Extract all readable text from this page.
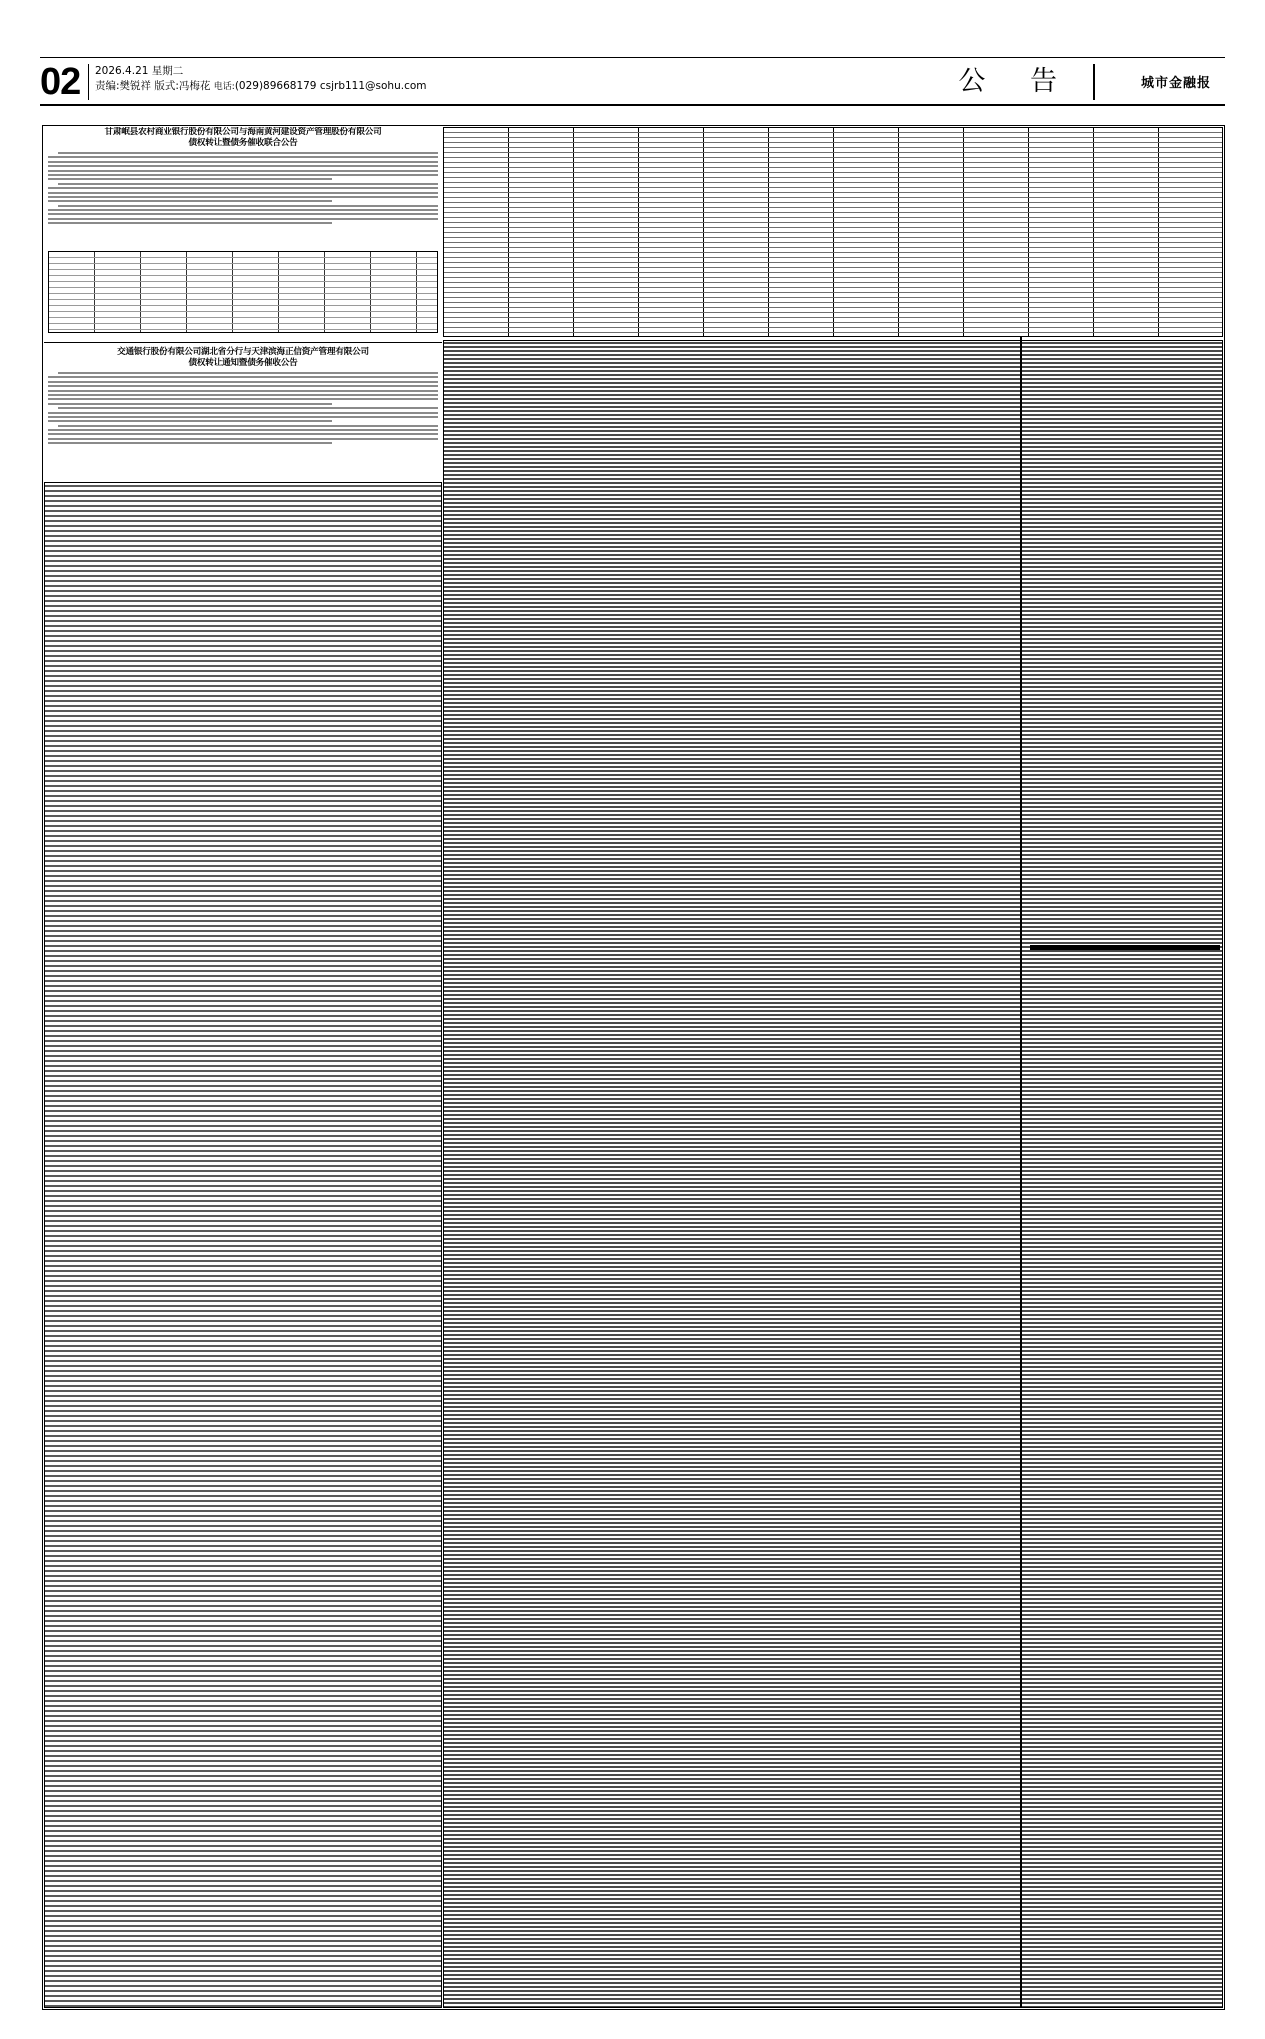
02 2026.4.21 星期二
责编:樊锐祥 版式:冯梅花 电话:(029)89668179 csjrb111@sohu.com	公 告	城市金融报
甘肃岷县农村商业银行股份有限公司与海南黄河建设资产管理股份有限公司
债权转让暨债务催收联合公告
交通银行股份有限公司湖北省分行与天津滨海正信资产管理有限公司
债权转让通知暨债务催收公告
